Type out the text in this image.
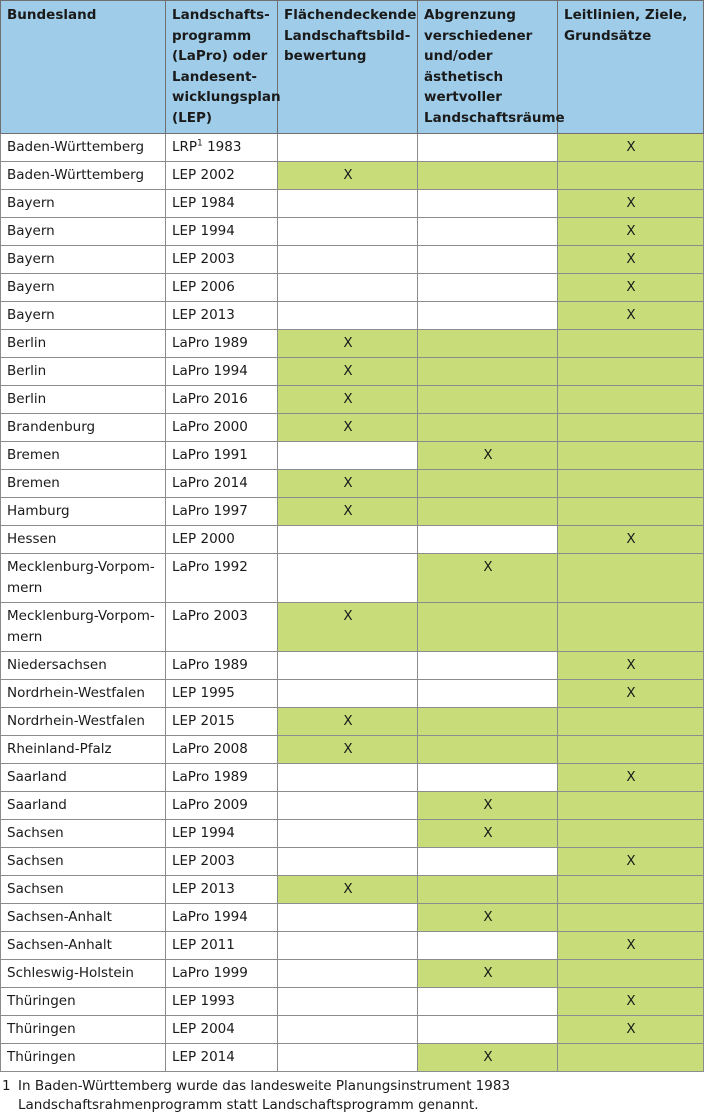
Bundesland	Landschafts-programm (LaPro) oder Landesent-wicklungsplan (LEP)	Flächendeckende Landschaftsbild-bewertung	Abgrenzung verschiedener und/oder ästhetisch wertvoller Landschaftsräume	Leitlinien, Ziele, Grundsätze
Baden-Württemberg	LRP$^1$ 1983			X
Baden-Württemberg	LEP 2002	X		
Bayern	LEP 1984			X
Bayern	LEP 1994			X
Bayern	LEP 2003			X
Bayern	LEP 2006			X
Bayern	LEP 2013			X
Berlin	LaPro 1989	X		
Berlin	LaPro 1994	X		
Berlin	LaPro 2016	X		
Brandenburg	LaPro 2000	X		
Bremen	LaPro 1991		X	
Bremen	LaPro 2014	X		
Hamburg	LaPro 1997	X		
Hessen	LEP 2000			X
Mecklenburg-Vorpom-mern	LaPro 1992		X	
Mecklenburg-Vorpom-mern	LaPro 2003	X		
Niedersachsen	LaPro 1989			X
Nordrhein-Westfalen	LEP 1995			X
Nordrhein-Westfalen	LEP 2015	X		
Rheinland-Pfalz	LaPro 2008	X		
Saarland	LaPro 1989			X
Saarland	LaPro 2009		X	
Sachsen	LEP 1994		X	
Sachsen	LEP 2003			X
Sachsen	LEP 2013	X		
Sachsen-Anhalt	LaPro 1994		X	
Sachsen-Anhalt	LEP 2011			X
Schleswig-Holstein	LaPro 1999		X	
Thüringen	LEP 1993			X
Thüringen	LEP 2004			X
Thüringen	LEP 2014		X	
1 In Baden-Württemberg wurde das landesweite Planungsinstrument 1983 Landschaftsrahmenprogramm statt Landschaftsprogramm genannt.
